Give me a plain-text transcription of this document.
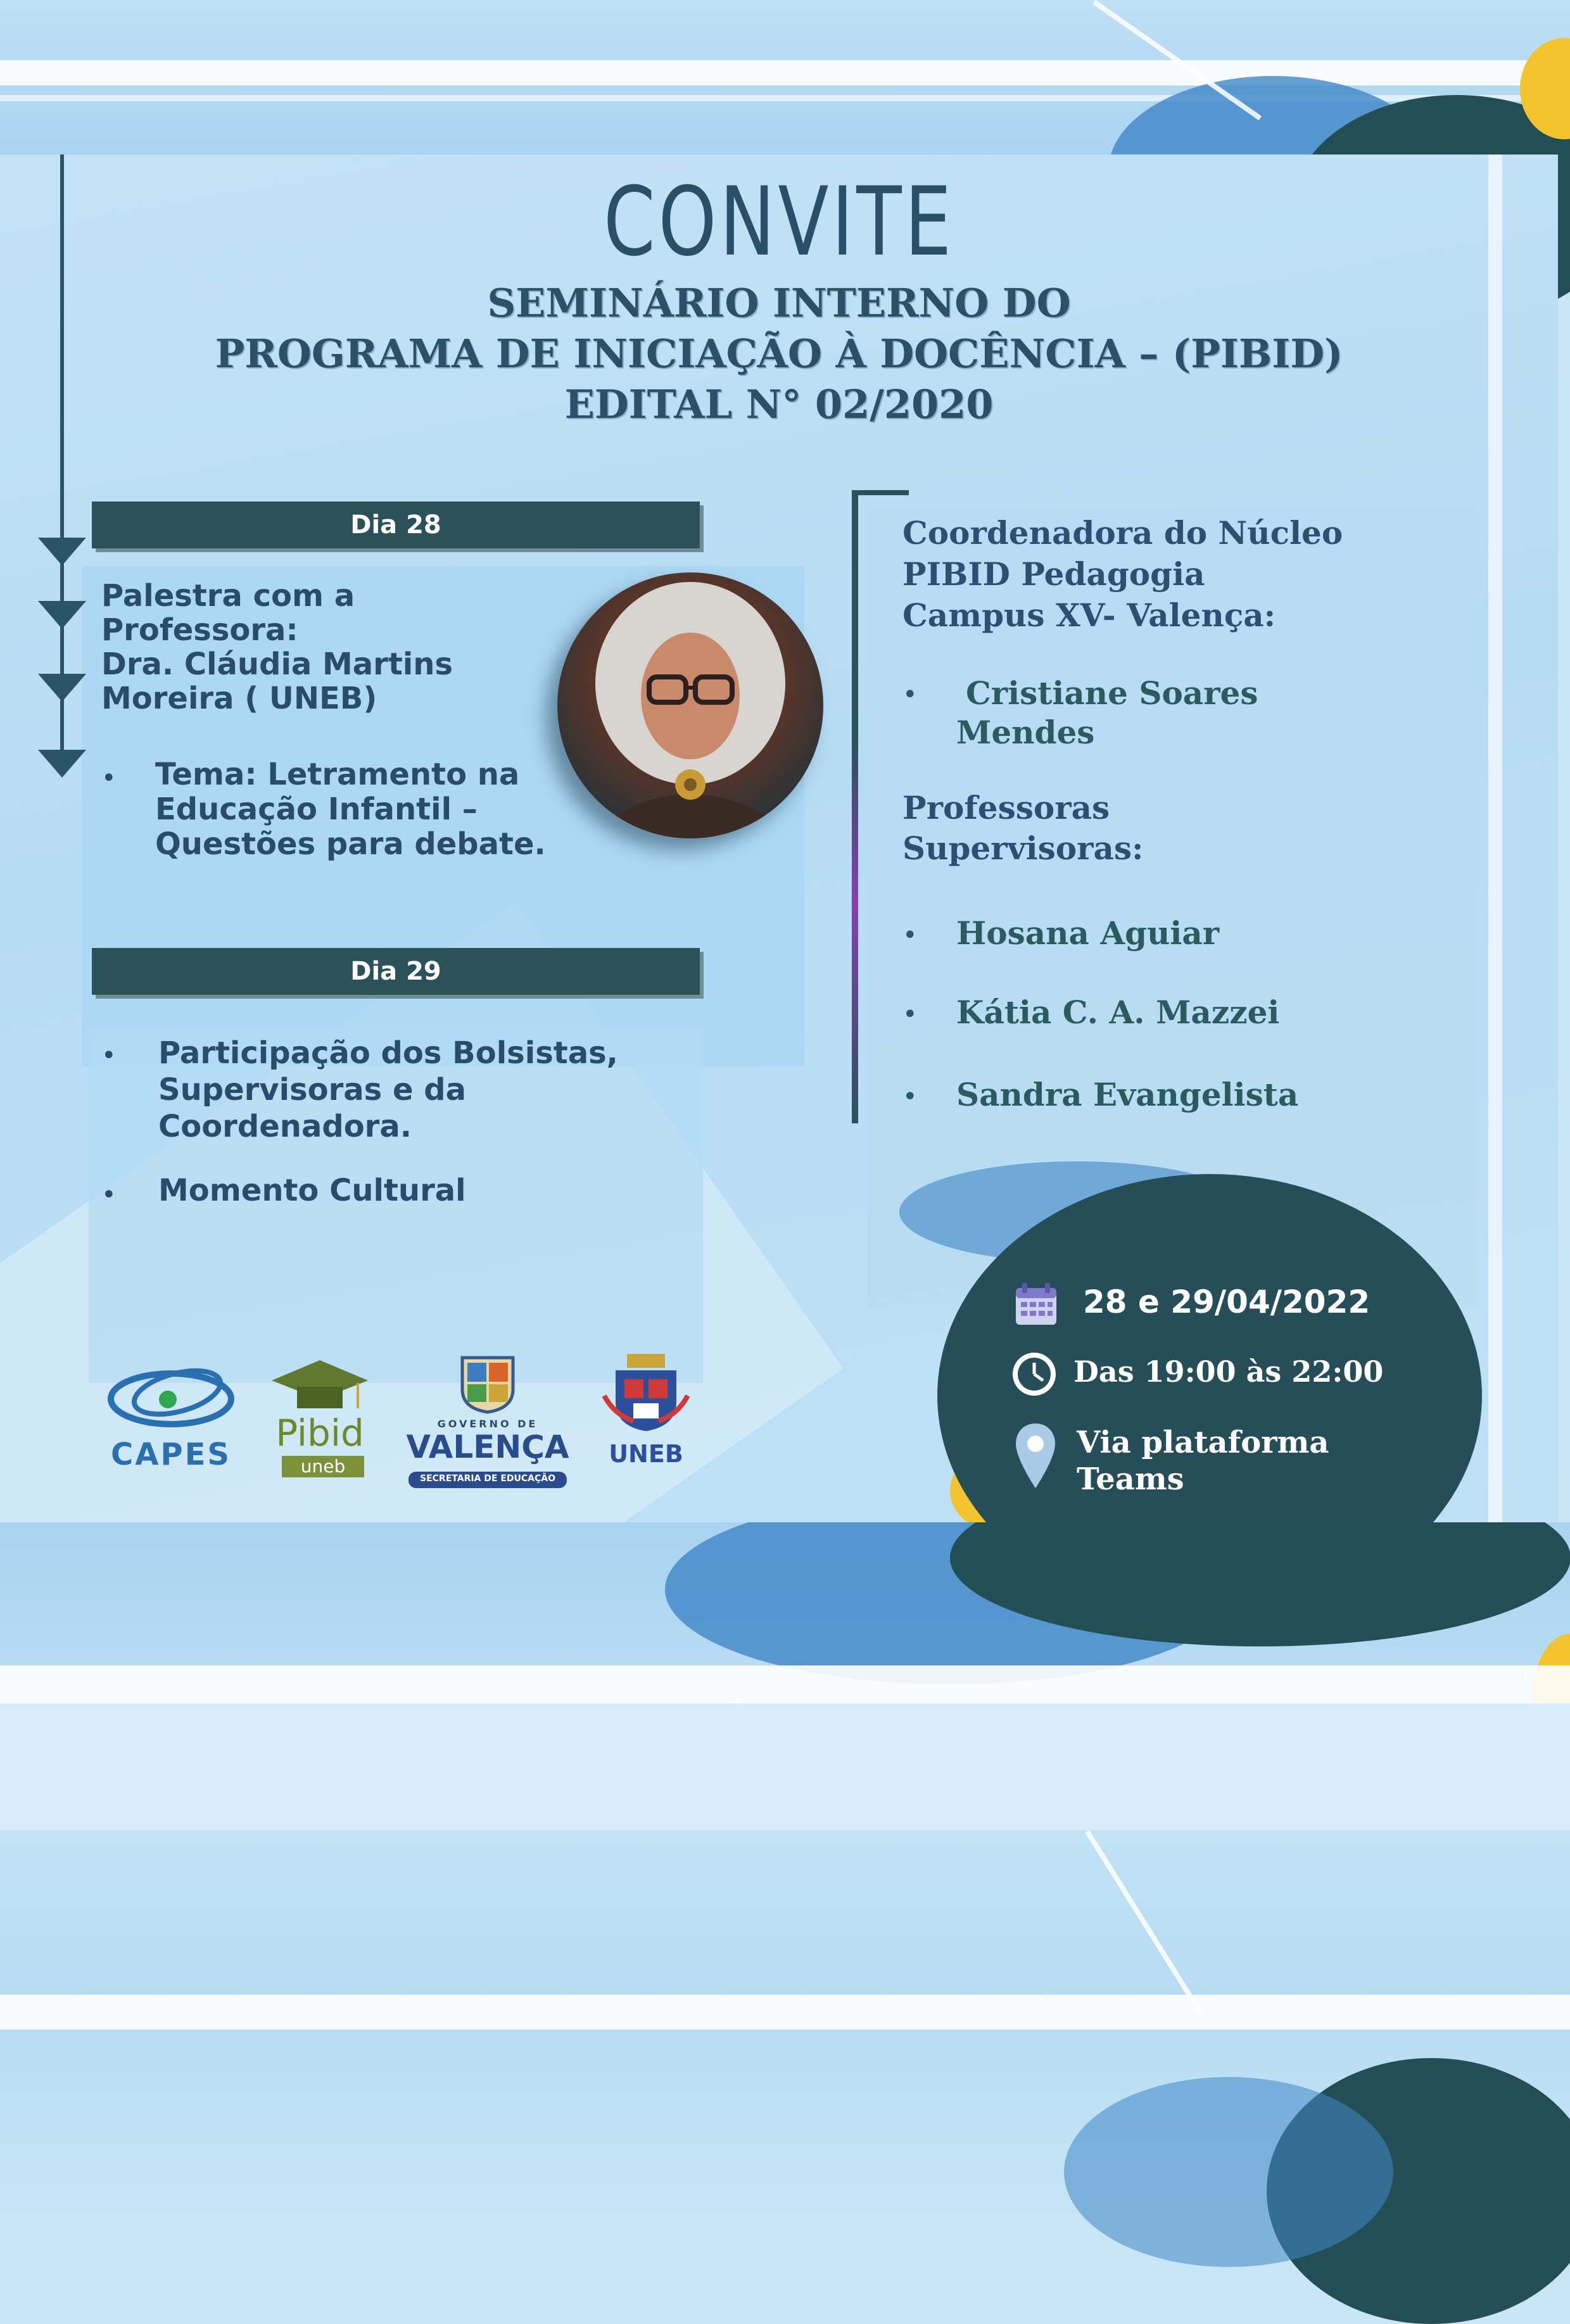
CONVITE
SEMINÁRIO INTERNO DO
PROGRAMA DE INICIAÇÃO À DOCÊNCIA – (PIBID)
EDITAL N° 02/2020
Dia 28
Palestra com a
Professora:
Dra. Cláudia Martins
Moreira ( UNEB)
• Tema: Letramento na
Educação Infantil –
Questões para debate.
Dia 29
• Participação dos Bolsistas,
Supervisoras e da
Coordenadora.
• Momento Cultural
Coordenadora do Núcleo
PIBID Pedagogia
Campus XV- Valença:
•	Cristiane Soares
Mendes
Professoras
Supervisoras:
• Hosana Aguiar
• Kátia C. A. Mazzei
• Sandra Evangelista
28 e 29/04/2022
Das 19:00 às 22:00
Via plataforma
Teams
CAPES Pibid
uneb
GOVERNO DE
VALENÇA
SECRETARIA DE EDUCAÇÃO
UNEB
